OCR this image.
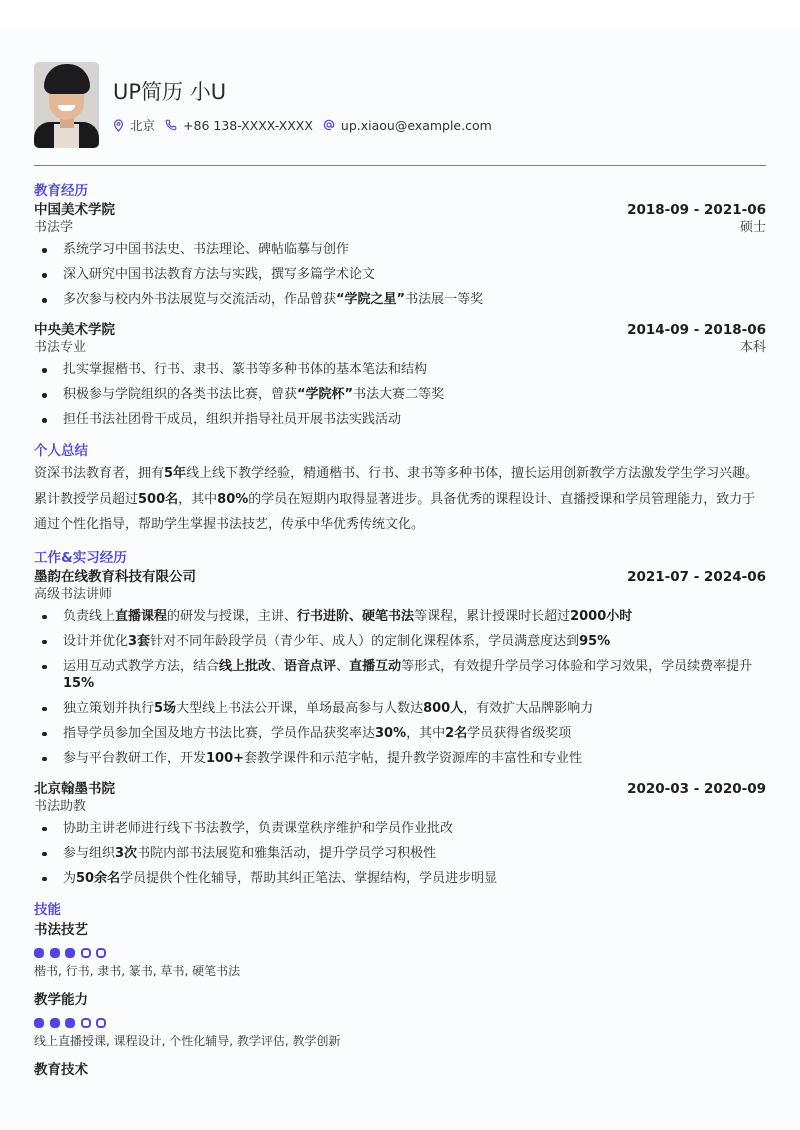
UP简历 小U
北京 +86 138-XXXX-XXXX up.xiaou@example.com
教育经历
中国美术学院	2018-09 - 2021-06
书法学	硕士
系统学习中国书法史、书法理论、碑帖临摹与创作
深入研究中国书法教育方法与实践，撰写多篇学术论文
多次参与校内外书法展览与交流活动，作品曾获“学院之星”书法展一等奖
中央美术学院	2014-09 - 2018-06
书法专业	本科
扎实掌握楷书、行书、隶书、篆书等多种书体的基本笔法和结构
积极参与学院组织的各类书法比赛，曾获“学院杯”书法大赛二等奖
担任书法社团骨干成员，组织并指导社员开展书法实践活动
个人总结
资深书法教育者，拥有5年线上线下教学经验，精通楷书、行书、隶书等多种书体，擅长运用创新教学方法激发学生学习兴趣。累计教授学员超过500名，其中80%的学员在短期内取得显著进步。具备优秀的课程设计、直播授课和学员管理能力，致力于通过个性化指导，帮助学生掌握书法技艺，传承中华优秀传统文化。
工作&实习经历
墨韵在线教育科技有限公司	2021-07 - 2024-06
高级书法讲师
负责线上直播课程的研发与授课，主讲、行书进阶、硬笔书法等课程，累计授课时长超过2000小时
设计并优化3套针对不同年龄段学员（青少年、成人）的定制化课程体系，学员满意度达到95%
运用互动式教学方法，结合线上批改、语音点评、直播互动等形式，有效提升学员学习体验和学习效果，学员续费率提升15%
独立策划并执行5场大型线上书法公开课，单场最高参与人数达800人，有效扩大品牌影响力
指导学员参加全国及地方书法比赛，学员作品获奖率达30%，其中2名学员获得省级奖项
参与平台教研工作，开发100+套教学课件和示范字帖，提升教学资源库的丰富性和专业性
北京翰墨书院	2020-03 - 2020-09
书法助教
协助主讲老师进行线下书法教学，负责课堂秩序维护和学员作业批改
参与组织3次书院内部书法展览和雅集活动，提升学员学习积极性
为50余名学员提供个性化辅导，帮助其纠正笔法、掌握结构，学员进步明显
技能
书法技艺
楷书, 行书, 隶书, 篆书, 草书, 硬笔书法
教学能力
线上直播授课, 课程设计, 个性化辅导, 教学评估, 教学创新
教育技术
